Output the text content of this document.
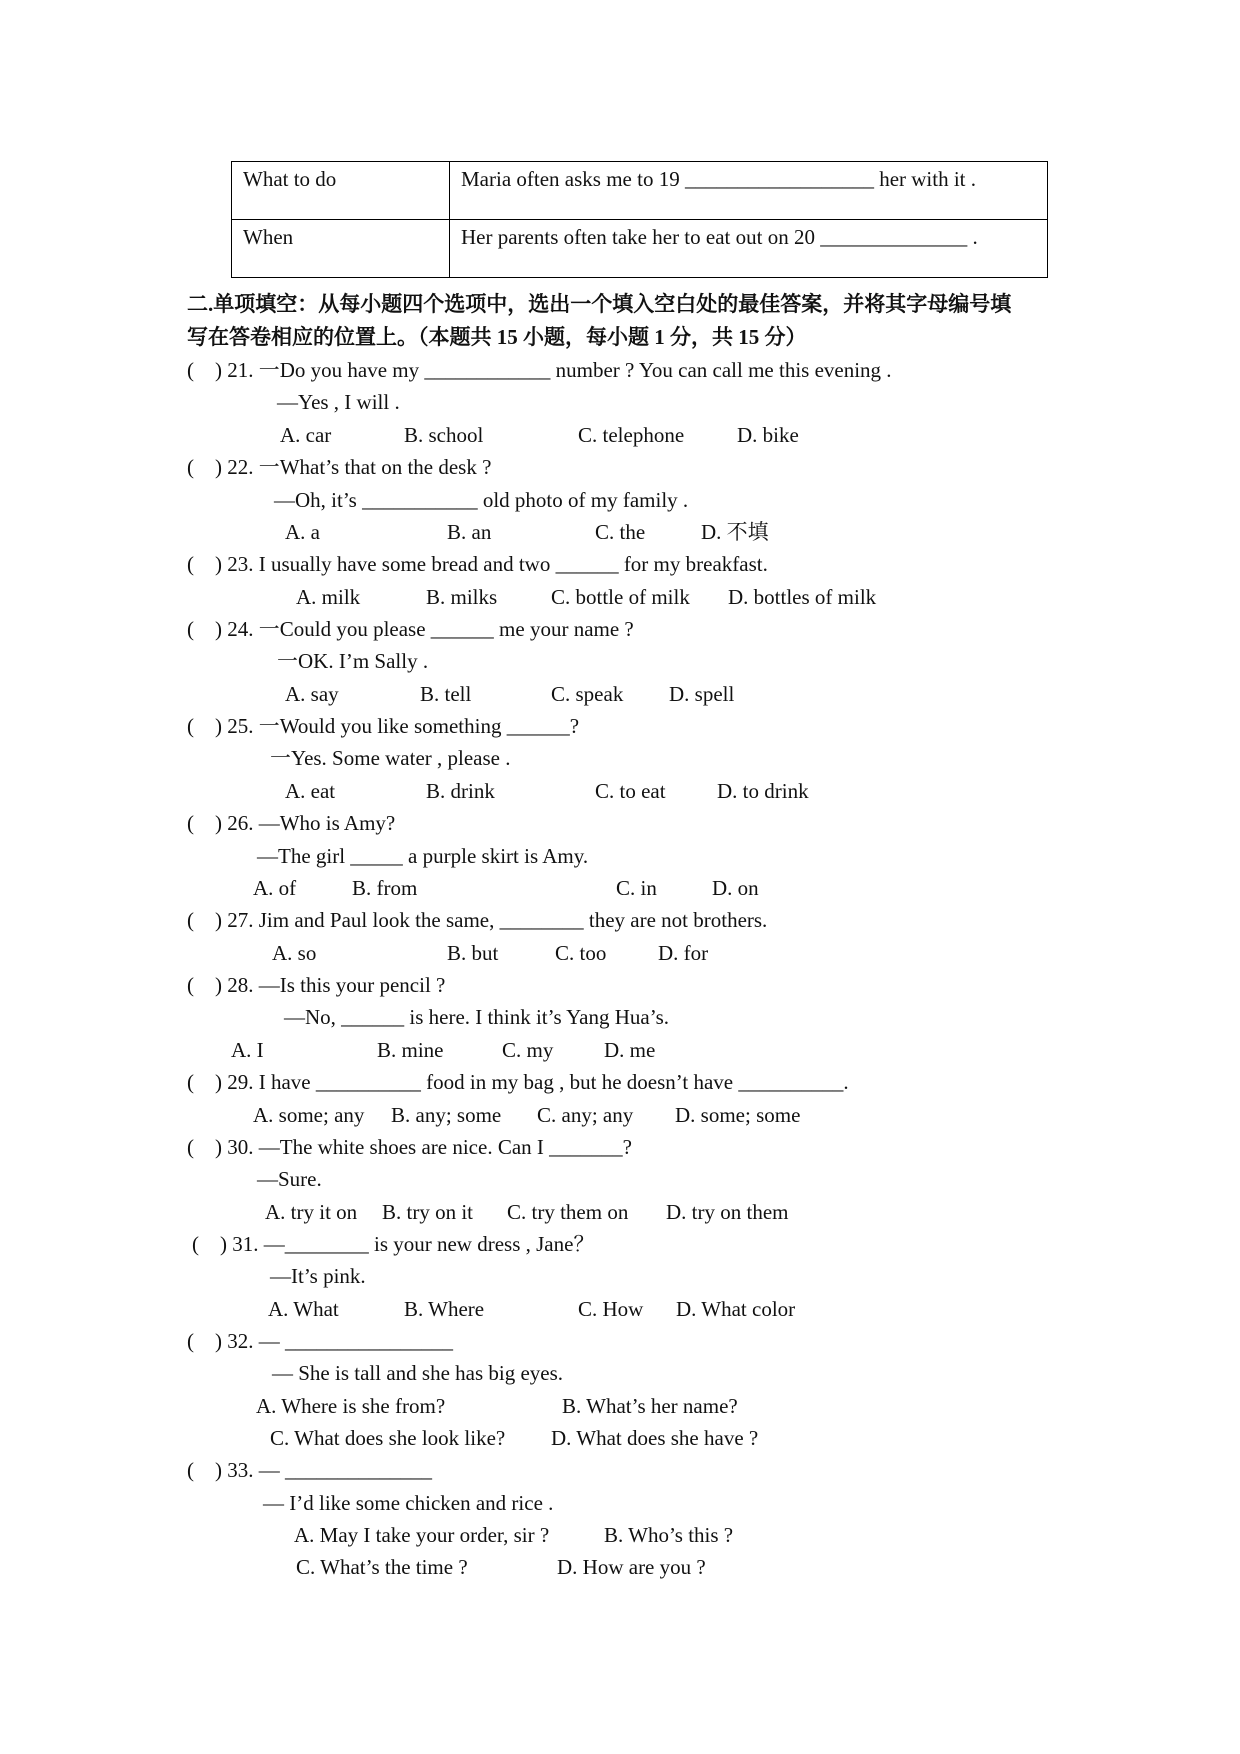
What to do	Maria often asks me to 19 __________________ her with it .
When	Her parents often take her to eat out on 20 ______________ .
二.单项填空：从每小题四个选项中，选出一个填入空白处的最佳答案，并将其字母编号填
写在答卷相应的位置上。（本题共 15 小题，每小题 1 分，共 15 分）
(    ) 21. 一Do you have my ____________ number ? You can call me this evening .
—Yes , I will .
A. car	B. school	C. telephone	D. bike
(    ) 22. 一What’s that on the desk ?
—Oh, it’s ___________ old photo of my family .
A. a	B. an	C. the	D. 不填
(    ) 23. I usually have some bread and two ______ for my breakfast.
A. milk	B. milks	C. bottle of milk D. bottles of milk
(    ) 24. 一Could you please ______ me your name ?
一OK. I’m Sally .
A. say	B. tell	C. speak D. spell
(    ) 25. 一Would you like something ______?
一Yes. Some water , please .
A. eat	B. drink	C. to eat D. to drink
(    ) 26. —Who is Amy?
—The girl _____ a purple skirt is Amy.
A. of	B. from	C. in	D. on
(    ) 27. Jim and Paul look the same, ________ they are not brothers.
A. so	B. but	C. too D. for
(    ) 28. —Is this your pencil ?
—No, ______ is here. I think it’s Yang Hua’s.
A. I	B. mine	C. my D. me
(    ) 29. I have __________ food in my bag , but he doesn’t have __________.
A. some; any B. any; some C. any; any D. some; some
(    ) 30. —The white shoes are nice. Can I _______?
—Sure.
A. try it on B. try on it C. try them on D. try on them
(    ) 31. —________ is your new dress , Jane？
—It’s pink.
A. What	B. Where	C. How D. What color
(    ) 32. — ________________
— She is tall and she has big eyes.
A. Where is she from?	B. What’s her name?
C. What does she look like? D. What does she have ?
(    ) 33. — ______________
— I’d like some chicken and rice .
A. May I take your order, sir ?	B. Who’s this ?
C. What’s the time ?	D. How are you ?
